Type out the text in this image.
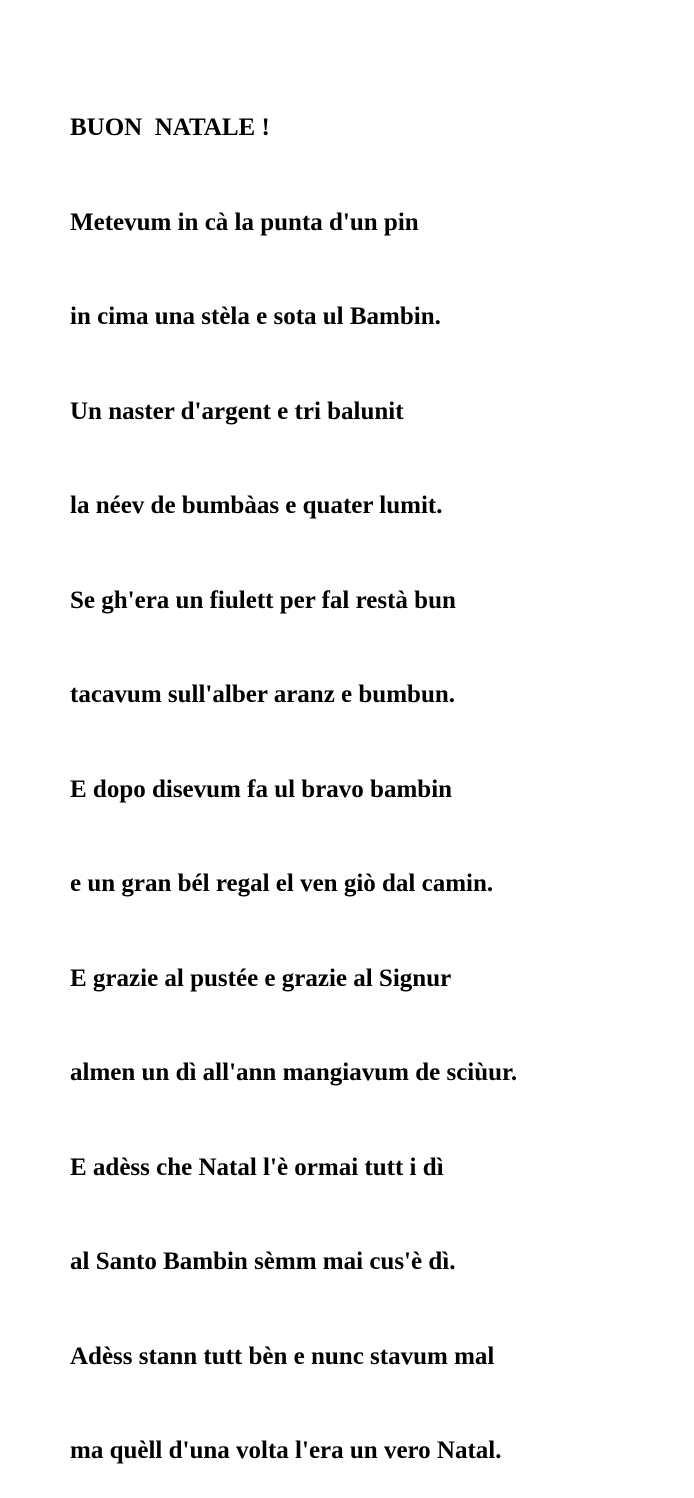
BUON  NATALE !

Metevum in cà la punta d'un pin

in cima una stèla e sota ul Bambin.

Un naster d'argent e tri balunit

la néev de bumbàas e quater lumit.

Se gh'era un fiulett per fal restà bun

tacavum sull'alber aranz e bumbun.

E dopo disevum fa ul bravo bambin

e un gran bél regal el ven giò dal camin.

E grazie al pustée e grazie al Signur

almen un dì all'ann mangiavum de sciùur.

E adèss che Natal l'è ormai tutt i dì

al Santo Bambin sèmm mai cus'è dì.

Adèss stann tutt bèn e nunc stavum mal

ma quèll d'una volta l'era un vero Natal.
